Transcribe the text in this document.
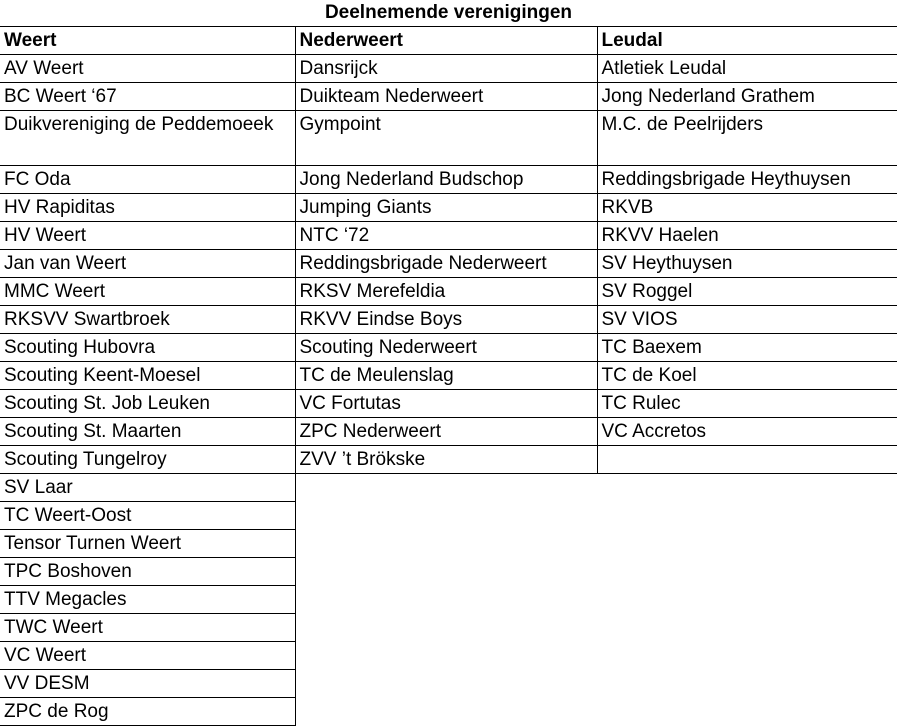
Deelnemende verenigingen
Weert	Nederweert	Leudal
AV Weert	Dansrijck	Atletiek Leudal
BC Weert ‘67	Duikteam Nederweert	Jong Nederland Grathem
Duikvereniging de Peddemoeek	Gympoint	M.C. de Peelrijders
FC Oda	Jong Nederland Budschop	Reddingsbrigade Heythuysen
HV Rapiditas	Jumping Giants	RKVB
HV Weert	NTC ‘72	RKVV Haelen
Jan van Weert	Reddingsbrigade Nederweert	SV Heythuysen
MMC Weert	RKSV Merefeldia	SV Roggel
RKSVV Swartbroek	RKVV Eindse Boys	SV VIOS
Scouting Hubovra	Scouting Nederweert	TC Baexem
Scouting Keent-Moesel	TC de Meulenslag	TC de Koel
Scouting St. Job Leuken	VC Fortutas	TC Rulec
Scouting St. Maarten	ZPC Nederweert	VC Accretos
Scouting Tungelroy	ZVV ’t Brökske	
SV Laar		
TC Weert-Oost		
Tensor Turnen Weert		
TPC Boshoven		
TTV Megacles		
TWC Weert		
VC Weert		
VV DESM		
ZPC de Rog		
